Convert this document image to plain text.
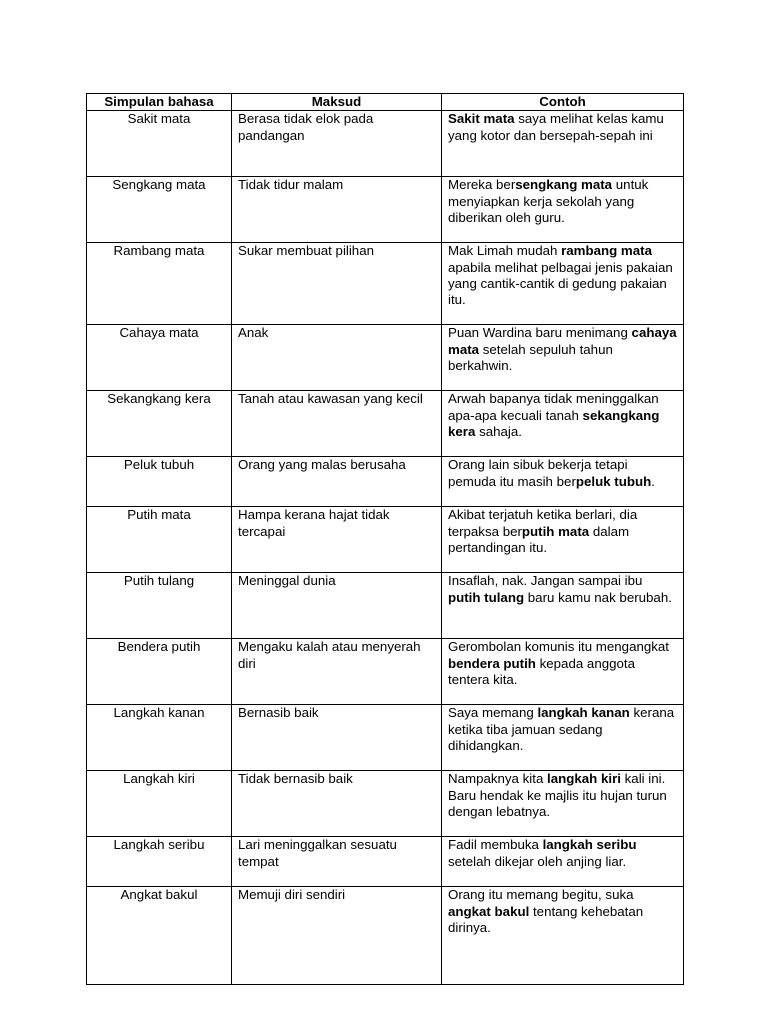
Simpulan bahasa	Maksud	Contoh
Sakit mata	Berasa tidak elok pada pandangan	Sakit mata saya melihat kelas kamu yang kotor dan bersepah-sepah ini
Sengkang mata	Tidak tidur malam	Mereka bersengkang mata untuk menyiapkan kerja sekolah yang diberikan oleh guru.
Rambang mata	Sukar membuat pilihan	Mak Limah mudah rambang mata apabila melihat pelbagai jenis pakaian yang cantik-cantik di gedung pakaian itu.
Cahaya mata	Anak	Puan Wardina baru menimang cahaya mata setelah sepuluh tahun berkahwin.
Sekangkang kera	Tanah atau kawasan yang kecil	Arwah bapanya tidak meninggalkan apa-apa kecuali tanah sekangkang kera sahaja.
Peluk tubuh	Orang yang malas berusaha	Orang lain sibuk bekerja tetapi pemuda itu masih berpeluk tubuh.
Putih mata	Hampa kerana hajat tidak tercapai	Akibat terjatuh ketika berlari, dia terpaksa berputih mata dalam pertandingan itu.
Putih tulang	Meninggal dunia	Insaflah, nak. Jangan sampai ibu putih tulang baru kamu nak berubah.
Bendera putih	Mengaku kalah atau menyerah diri	Gerombolan komunis itu mengangkat bendera putih kepada anggota tentera kita.
Langkah kanan	Bernasib baik	Saya memang langkah kanan kerana ketika tiba jamuan sedang dihidangkan.
Langkah kiri	Tidak bernasib baik	Nampaknya kita langkah kiri kali ini. Baru hendak ke majlis itu hujan turun dengan lebatnya.
Langkah seribu	Lari meninggalkan sesuatu tempat	Fadil membuka langkah seribu setelah dikejar oleh anjing liar.
Angkat bakul	Memuji diri sendiri	Orang itu memang begitu, suka angkat bakul tentang kehebatan dirinya.
